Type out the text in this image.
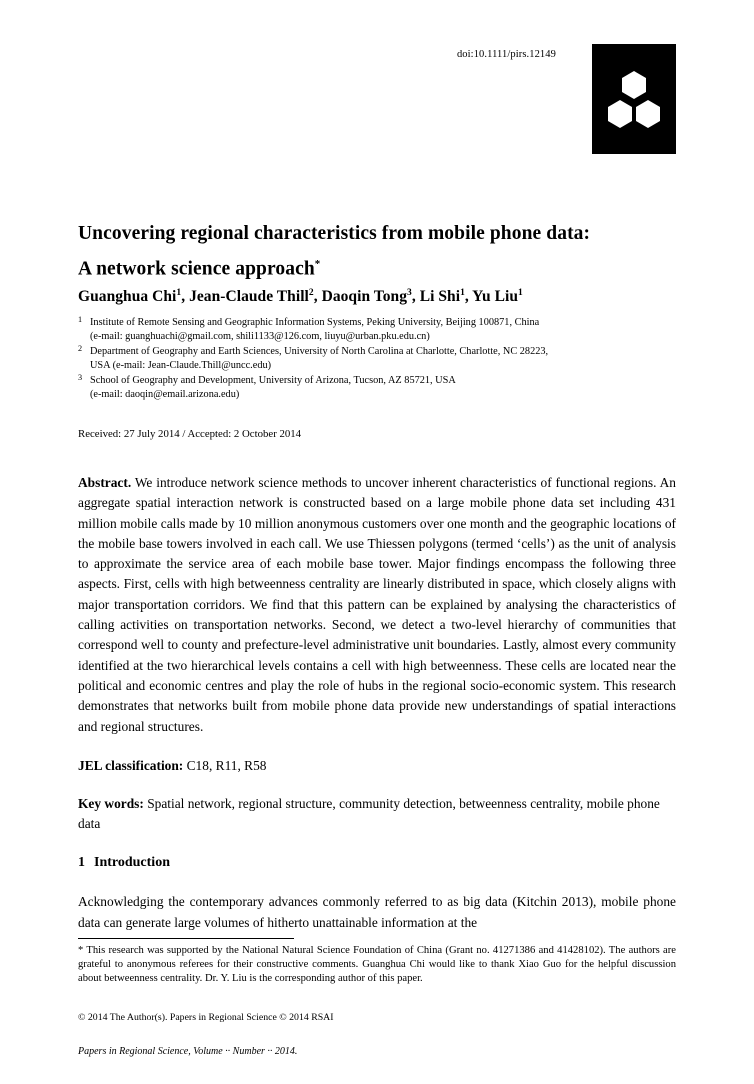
doi:10.1111/pirs.12149
Uncovering regional characteristics from mobile phone data:
A network science approach*
Guanghua Chi$^1$, Jean-Claude Thill$^2$, Daoqin Tong$^3$, Li Shi$^1$, Yu Liu$^1$
1 Institute of Remote Sensing and Geographic Information Systems, Peking University, Beijing 100871, China
(e-mail: guanghuachi@gmail.com, shili1133@126.com, liuyu@urban.pku.edu.cn)
2 Department of Geography and Earth Sciences, University of North Carolina at Charlotte, Charlotte, NC 28223,
USA (e-mail: Jean-Claude.Thill@uncc.edu)
3 School of Geography and Development, University of Arizona, Tucson, AZ 85721, USA
(e-mail: daoqin@email.arizona.edu)
Received: 27 July 2014 / Accepted: 2 October 2014
Abstract. We introduce network science methods to uncover inherent characteristics of functional regions. An aggregate spatial interaction network is constructed based on a large mobile phone data set including 431 million mobile calls made by 10 million anonymous customers over one month and the geographic locations of the mobile base towers involved in each call. We use Thiessen polygons (termed ‘cells’) as the unit of analysis to approximate the service area of each mobile base tower. Major findings encompass the following three aspects. First, cells with high betweenness centrality are linearly distributed in space, which closely aligns with major transportation corridors. We find that this pattern can be explained by analysing the characteristics of calling activities on transportation networks. Second, we detect a two-level hierarchy of communities that correspond well to county and prefecture-level administrative unit boundaries. Lastly, almost every community identified at the two hierarchical levels contains a cell with high betweenness. These cells are located near the political and economic centres and play the role of hubs in the regional socio-economic system. This research demonstrates that networks built from mobile phone data provide new understandings of spatial interactions and regional structures.
JEL classification: C18, R11, R58
Key words: Spatial network, regional structure, community detection, betweenness centrality, mobile phone data
1 Introduction
Acknowledging the contemporary advances commonly referred to as big data (Kitchin 2013), mobile phone data can generate large volumes of hitherto unattainable information at the
* This research was supported by the National Natural Science Foundation of China (Grant no. 41271386 and 41428102). The authors are grateful to anonymous referees for their constructive comments. Guanghua Chi would like to thank Xiao Guo for the helpful discussion about betweenness centrality. Dr. Y. Liu is the corresponding author of this paper.
© 2014 The Author(s). Papers in Regional Science © 2014 RSAI
Papers in Regional Science, Volume ·· Number ·· 2014.
